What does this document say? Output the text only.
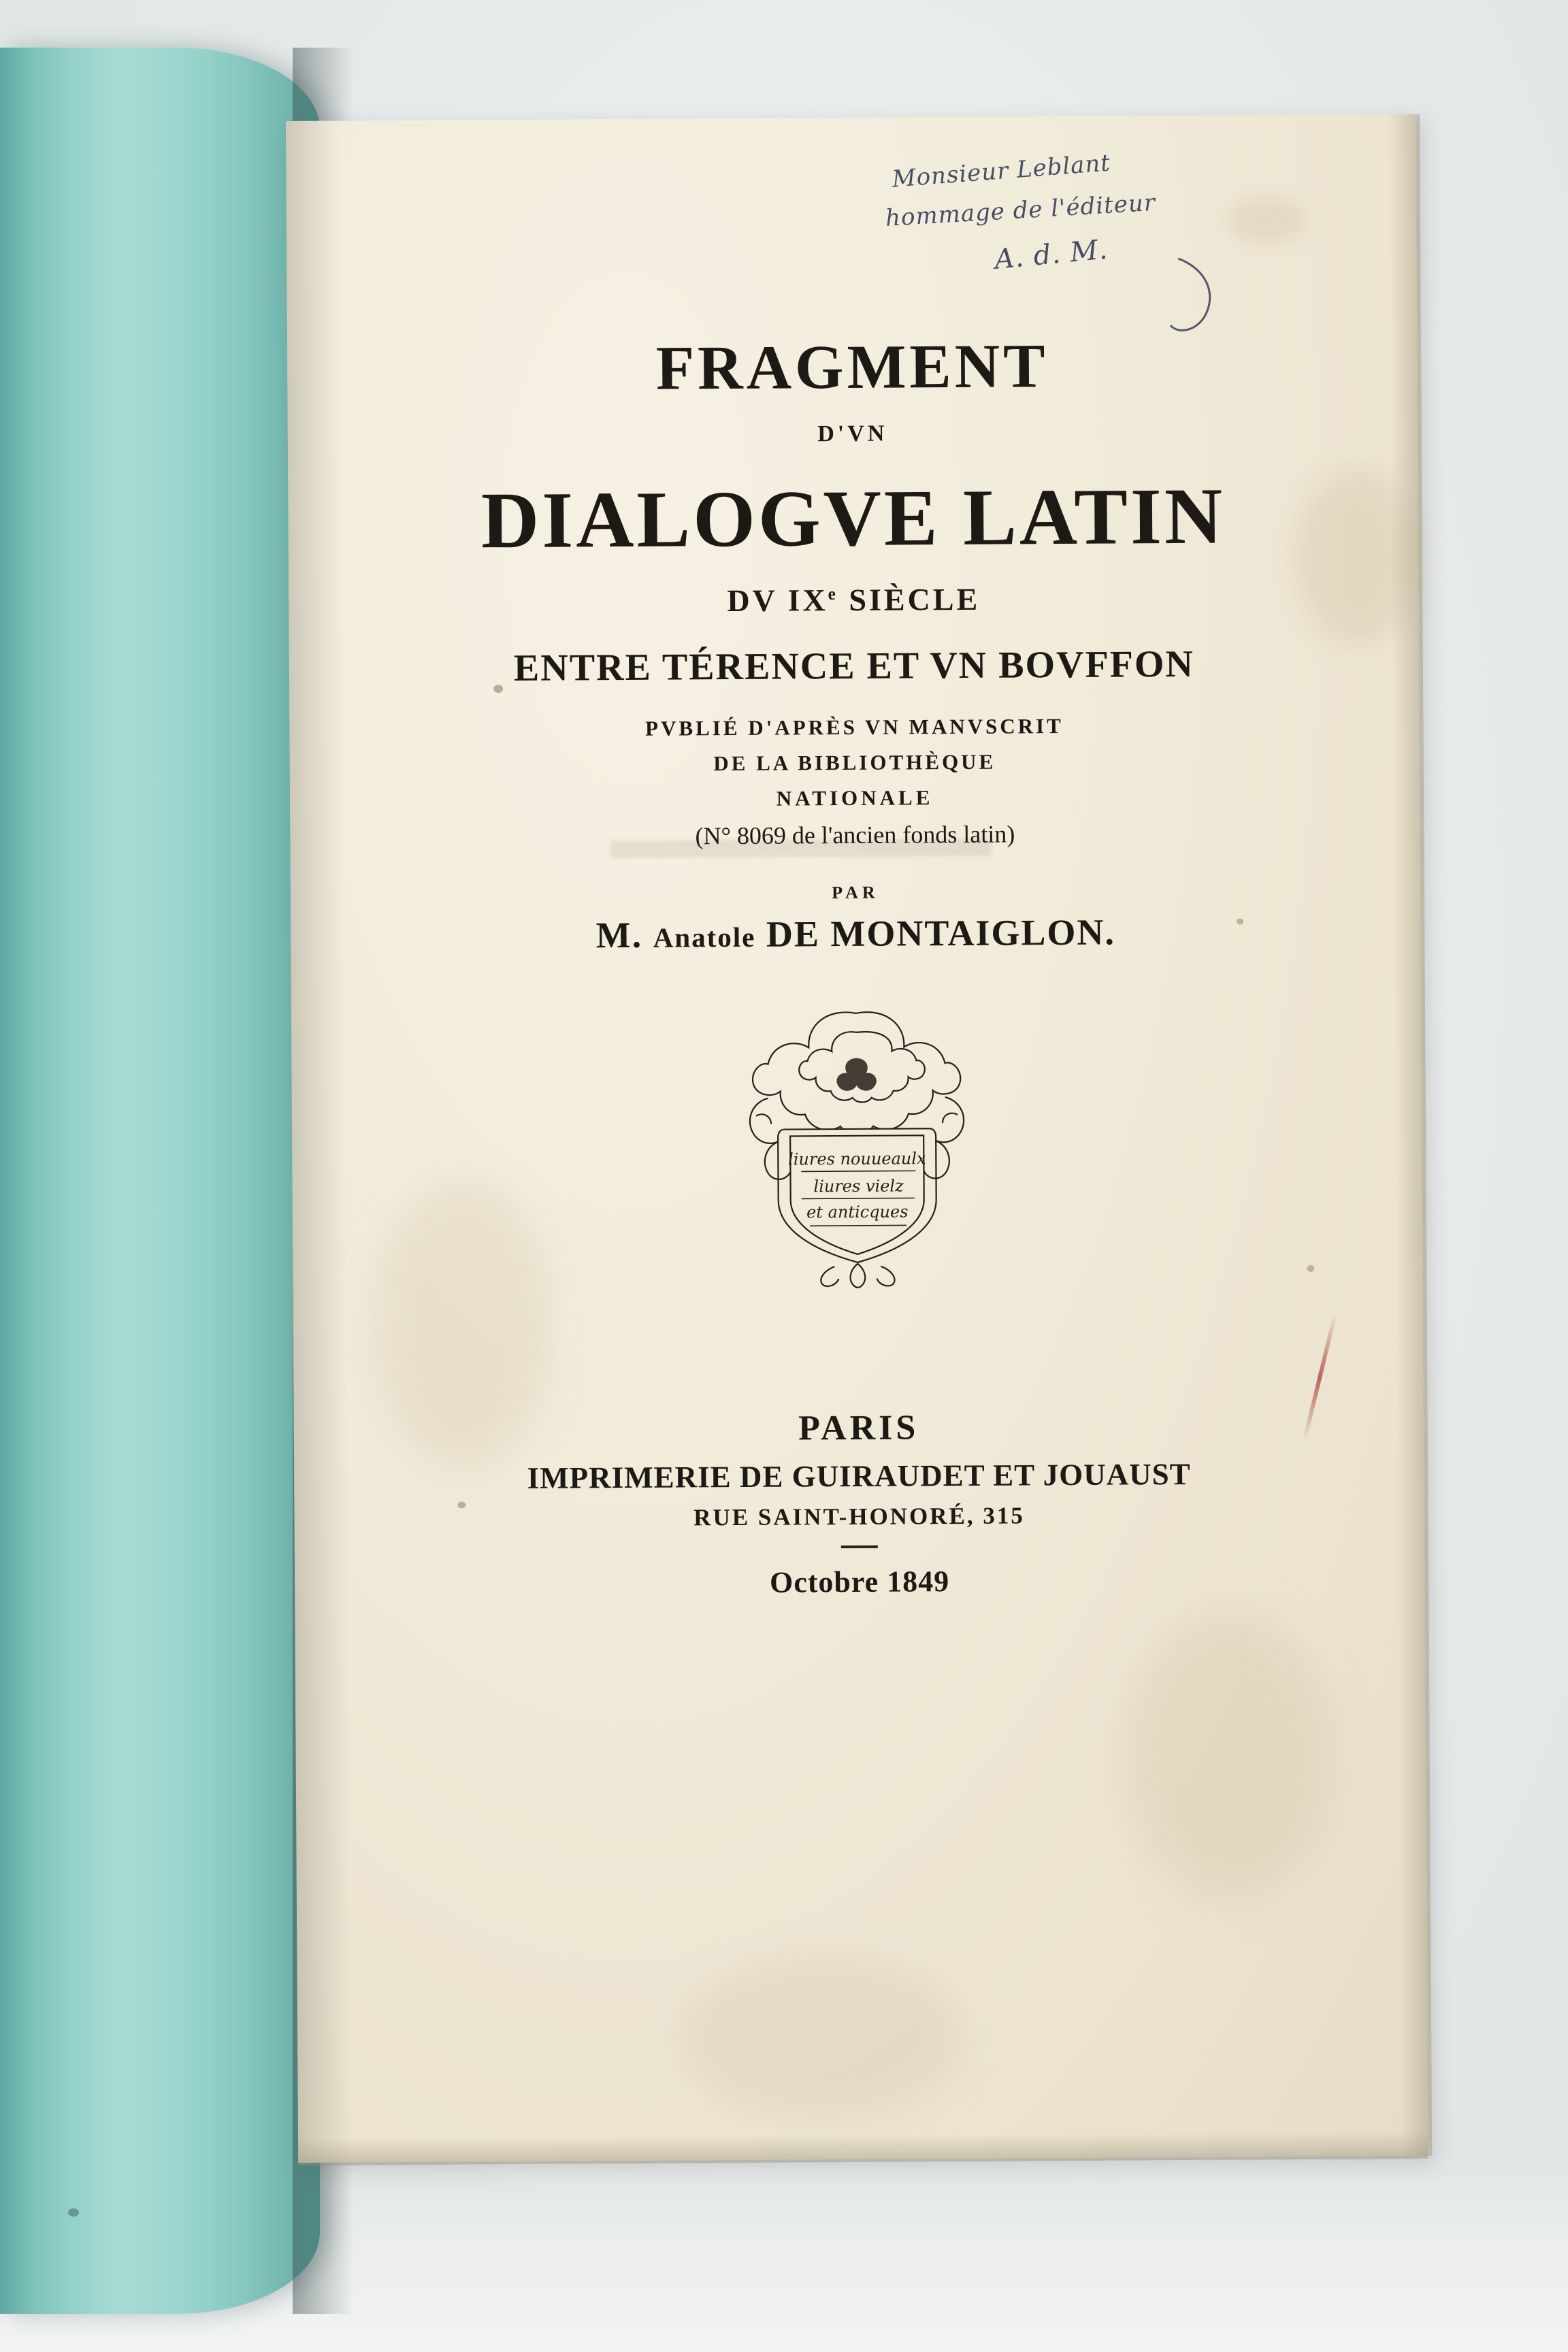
FRAGMENT
D'VN
DIALOGVE LATIN
DV IXe SIÈCLE
ENTRE TÉRENCE ET VN BOVFFON
PVBLIÉ D'APRÈS VN MANVSCRIT
DE LA BIBLIOTHÈQUE
NATIONALE
(N° 8069 de l'ancien fonds latin)
PAR
M. Anatole DE MONTAIGLON.
liures nouueaulx
liures vielz
et anticques
PARIS
IMPRIMERIE DE GUIRAUDET ET JOUAUST
RUE SAINT-HONORÉ, 315
Octobre 1849
Monsieur Leblant
hommage de l'éditeur
A. d. M.
